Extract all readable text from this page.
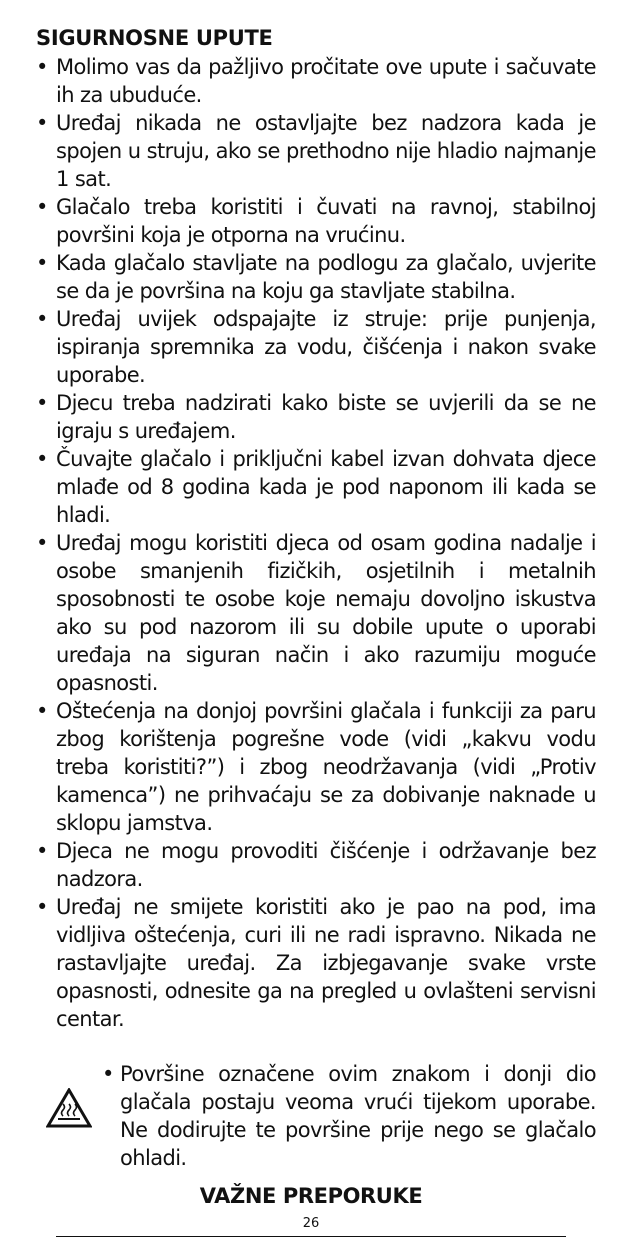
SIGURNOSNE UPUTE
• Molimo vas da pažljivo pročitate ove upute i sačuvate ih za ubuduće.
• Uređaj nikada ne ostavljajte bez nadzora kada je spojen u struju, ako se prethodno nije hladio najmanje 1 sat.
• Glačalo treba koristiti i čuvati na ravnoj, stabilnoj površini koja je otporna na vrućinu.
• Kada glačalo stavljate na podlogu za glačalo, uvjerite se da je površina na koju ga stavljate stabilna.
• Uređaj uvijek odspajajte iz struje: prije punjenja, ispiranja spremnika za vodu, čišćenja i nakon svake uporabe.
• Djecu treba nadzirati kako biste se uvjerili da se ne igraju s uređajem.
• Čuvajte glačalo i priključni kabel izvan dohvata djece mlađe od 8 godina kada je pod naponom ili kada se hladi.
• Uređaj mogu koristiti djeca od osam godina nadalje i osobe smanjenih fizičkih, osjetilnih i metalnih sposobnosti te osobe koje nemaju dovoljno iskustva ako su pod nazorom ili su dobile upute o uporabi uređaja na siguran način i ako razumiju moguće opasnosti.
• Oštećenja na donjoj površini glačala i funkciji za paru zbog korištenja pogrešne vode (vidi „kakvu vodu treba koristiti?”) i zbog neodržavanja (vidi „Protiv kamenca”) ne prihvaćaju se za dobivanje naknade u sklopu jamstva.
• Djeca ne mogu provoditi čišćenje i održavanje bez nadzora.
• Uređaj ne smijete koristiti ako je pao na pod, ima vidljiva oštećenja, curi ili ne radi ispravno. Nikada ne rastavljajte uređaj. Za izbjegavanje svake vrste opasnosti, odnesite ga na pregled u ovlašteni servisni centar.
• Površine označene ovim znakom i donji dio glačala postaju veoma vrući tijekom uporabe. Ne dodirujte te površine prije nego se glačalo ohladi.
VAŽNE PREPORUKE
26
